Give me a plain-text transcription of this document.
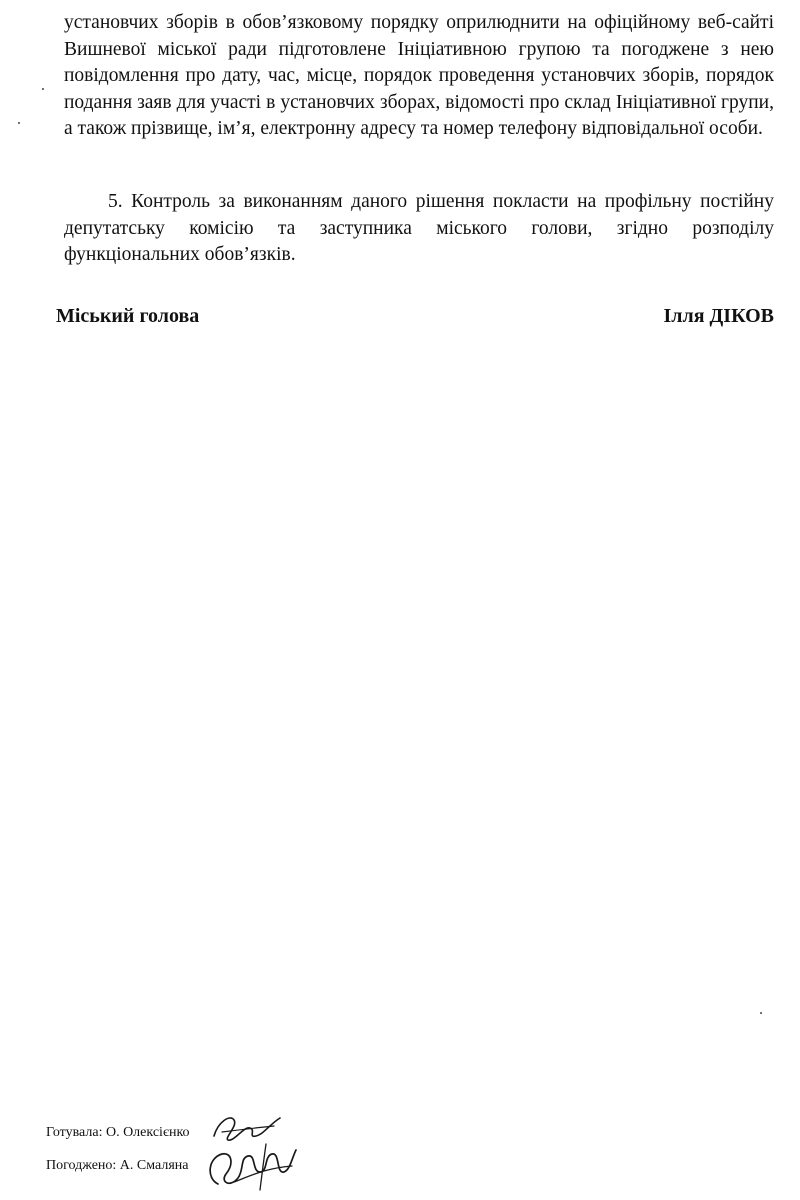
установчих зборів в обов’язковому порядку оприлюднити на офіційному веб-сайті Вишневої міської ради підготовлене Ініціативною групою та погоджене з нею повідомлення про дату, час, місце, порядок проведення установчих зборів, порядок подання заяв для участі в установчих зборах, відомості про склад Ініціативної групи, а також прізвище, ім’я, електронну адресу та номер телефону відповідальної особи.

5. Контроль за виконанням даного рішення покласти на профільну постійну депутатську комісію та заступника міського голови, згідно розподілу функціональних обов’язків.

Міський голова	Ілля ДІКОВ
Готувала: О. Олексієнко
Погоджено: А. Смаляна
